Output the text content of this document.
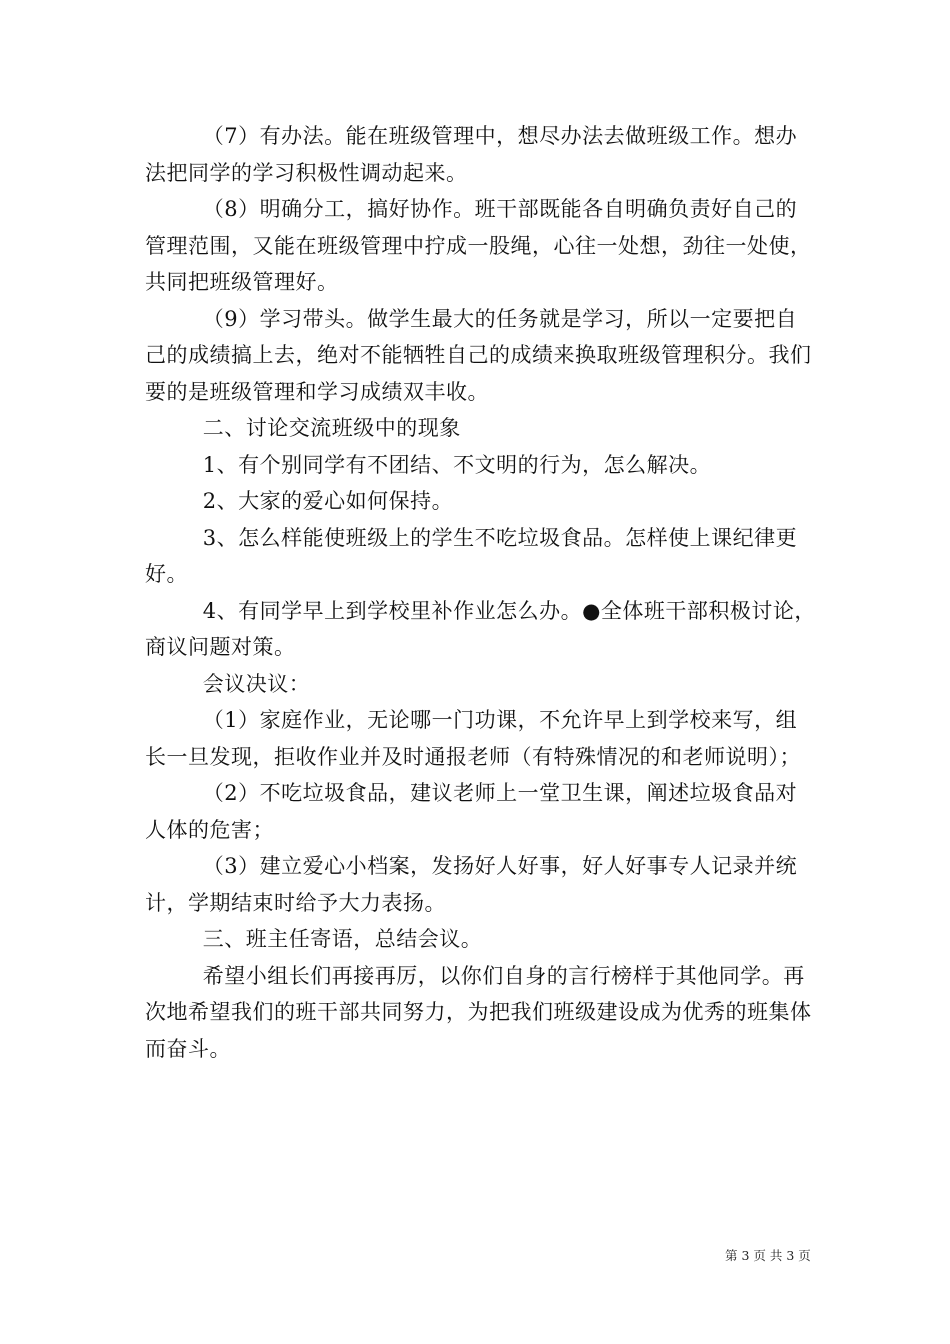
（7）有办法。能在班级管理中，想尽办法去做班级工作。想办法把同学的学习积极性调动起来。

（8）明确分工，搞好协作。班干部既能各自明确负责好自己的管理范围，又能在班级管理中拧成一股绳，心往一处想，劲往一处使，共同把班级管理好。

（9）学习带头。做学生最大的任务就是学习，所以一定要把自己的成绩搞上去，绝对不能牺牲自己的成绩来换取班级管理积分。我们要的是班级管理和学习成绩双丰收。

二、讨论交流班级中的现象

1、有个别同学有不团结、不文明的行为，怎么解决。

2、大家的爱心如何保持。

3、怎么样能使班级上的学生不吃垃圾食品。怎样使上课纪律更好。

4、有同学早上到学校里补作业怎么办。●全体班干部积极讨论，商议问题对策。

会议决议：

（1）家庭作业，无论哪一门功课，不允许早上到学校来写，组长一旦发现，拒收作业并及时通报老师（有特殊情况的和老师说明）；

（2）不吃垃圾食品，建议老师上一堂卫生课，阐述垃圾食品对人体的危害；

（3）建立爱心小档案，发扬好人好事，好人好事专人记录并统计，学期结束时给予大力表扬。

三、班主任寄语，总结会议。

希望小组长们再接再厉，以你们自身的言行榜样于其他同学。再次地希望我们的班干部共同努力，为把我们班级建设成为优秀的班集体而奋斗。

第 3 页 共 3 页
